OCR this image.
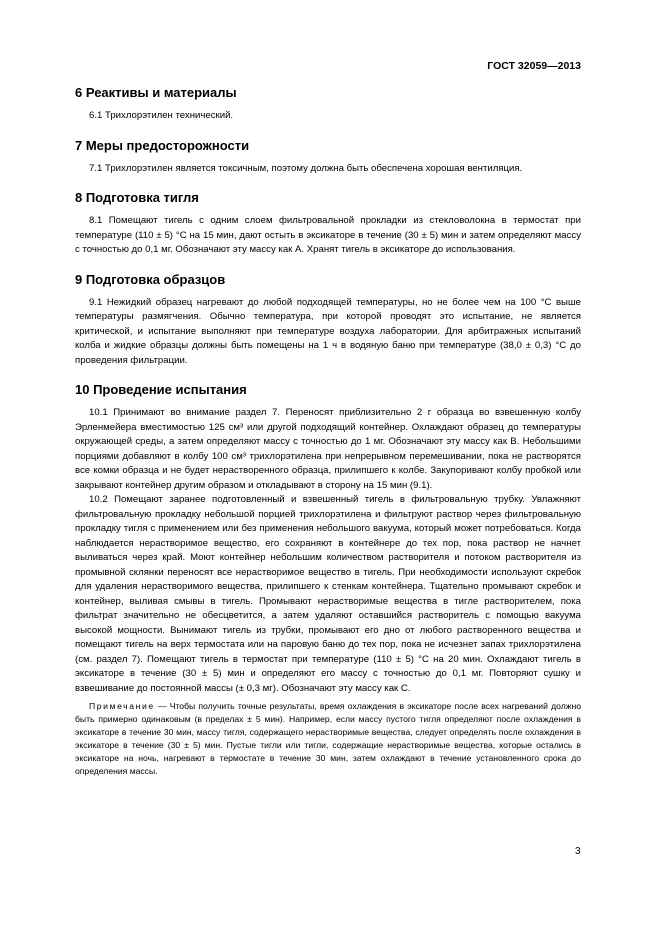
ГОСТ 32059—2013
6 Реактивы и материалы

6.1 Трихлорэтилен технический.

7 Меры предосторожности

7.1 Трихлорэтилен является токсичным, поэтому должна быть обеспечена хорошая вентиляция.

8 Подготовка тигля

8.1 Помещают тигель с одним слоем фильтровальной прокладки из стекловолокна в термостат при температуре (110 ± 5) °С на 15 мин, дают остыть в эксикаторе в течение (30 ± 5) мин и затем определяют массу с точностью до 0,1 мг. Обозначают эту массу как А. Хранят тигель в эксикаторе до использования.

9 Подготовка образцов

9.1 Нежидкий образец нагревают до любой подходящей температуры, но не более чем на 100 °С выше температуры размягчения. Обычно температура, при которой проводят это испытание, не является критической, и испытание выполняют при температуре воздуха лаборатории. Для арбитражных испытаний колба и жидкие образцы должны быть помещены на 1 ч в водяную баню при температуре (38,0 ± 0,3) °С до проведения фильтрации.

10 Проведение испытания

10.1 Принимают во внимание раздел 7. Переносят приблизительно 2 г образца во взвешенную колбу Эрленмейера вместимостью 125 см³ или другой подходящий контейнер. Охлаждают образец до температуры окружающей среды, а затем определяют массу с точностью до 1 мг. Обозначают эту массу как В. Небольшими порциями добавляют в колбу 100 см³ трихлорэтилена при непрерывном перемешивании, пока не растворятся все комки образца и не будет нерастворенного образца, прилипшего к колбе. Закупоривают колбу пробкой или закрывают контейнер другим образом и откладывают в сторону на 15 мин (9.1).

10.2 Помещают заранее подготовленный и взвешенный тигель в фильтровальную трубку. Увлажняют фильтровальную прокладку небольшой порцией трихлорэтилена и фильтруют раствор через фильтровальную прокладку тигля с применением или без применения небольшого вакуума, который может потребоваться. Когда наблюдается нерастворимое вещество, его сохраняют в контейнере до тех пор, пока раствор не начнет выливаться через край. Моют контейнер небольшим количеством растворителя и потоком растворителя из промывной склянки переносят все нерастворимое вещество в тигель. При необходимости используют скребок для удаления нерастворимого вещества, прилипшего к стенкам контейнера. Тщательно промывают скребок и контейнер, выливая смывы в тигель. Промывают нерастворимые вещества в тигле растворителем, пока фильтрат значительно не обесцветится, а затем удаляют оставшийся растворитель с помощью вакуума высокой мощности. Вынимают тигель из трубки, промывают его дно от любого растворенного вещества и помещают тигель на верх термостата или на паровую баню до тех пор, пока не исчезнет запах трихлорэтилена (см. раздел 7). Помещают тигель в термостат при температуре (110 ± 5) °С на 20 мин. Охлаждают тигель в эксикаторе в течение (30 ± 5) мин и определяют его массу с точностью до 0,1 мг. Повторяют сушку и взвешивание до постоянной массы (± 0,3 мг). Обозначают эту массу как С.

Примечание — Чтобы получить точные результаты, время охлаждения в эксикаторе после всех нагреваний должно быть примерно одинаковым (в пределах ± 5 мин). Например, если массу пустого тигля определяют после охлаждения в эксикаторе в течение 30 мин, массу тигля, содержащего нерастворимые вещества, следует определять после охлаждения в эксикаторе в течение (30 ± 5) мин. Пустые тигли или тигли, содержащие нерастворимые вещества, которые остались в эксикаторе на ночь, нагревают в термостате в течение 30 мин, затем охлаждают в течение установленного срока до определения массы.
3
